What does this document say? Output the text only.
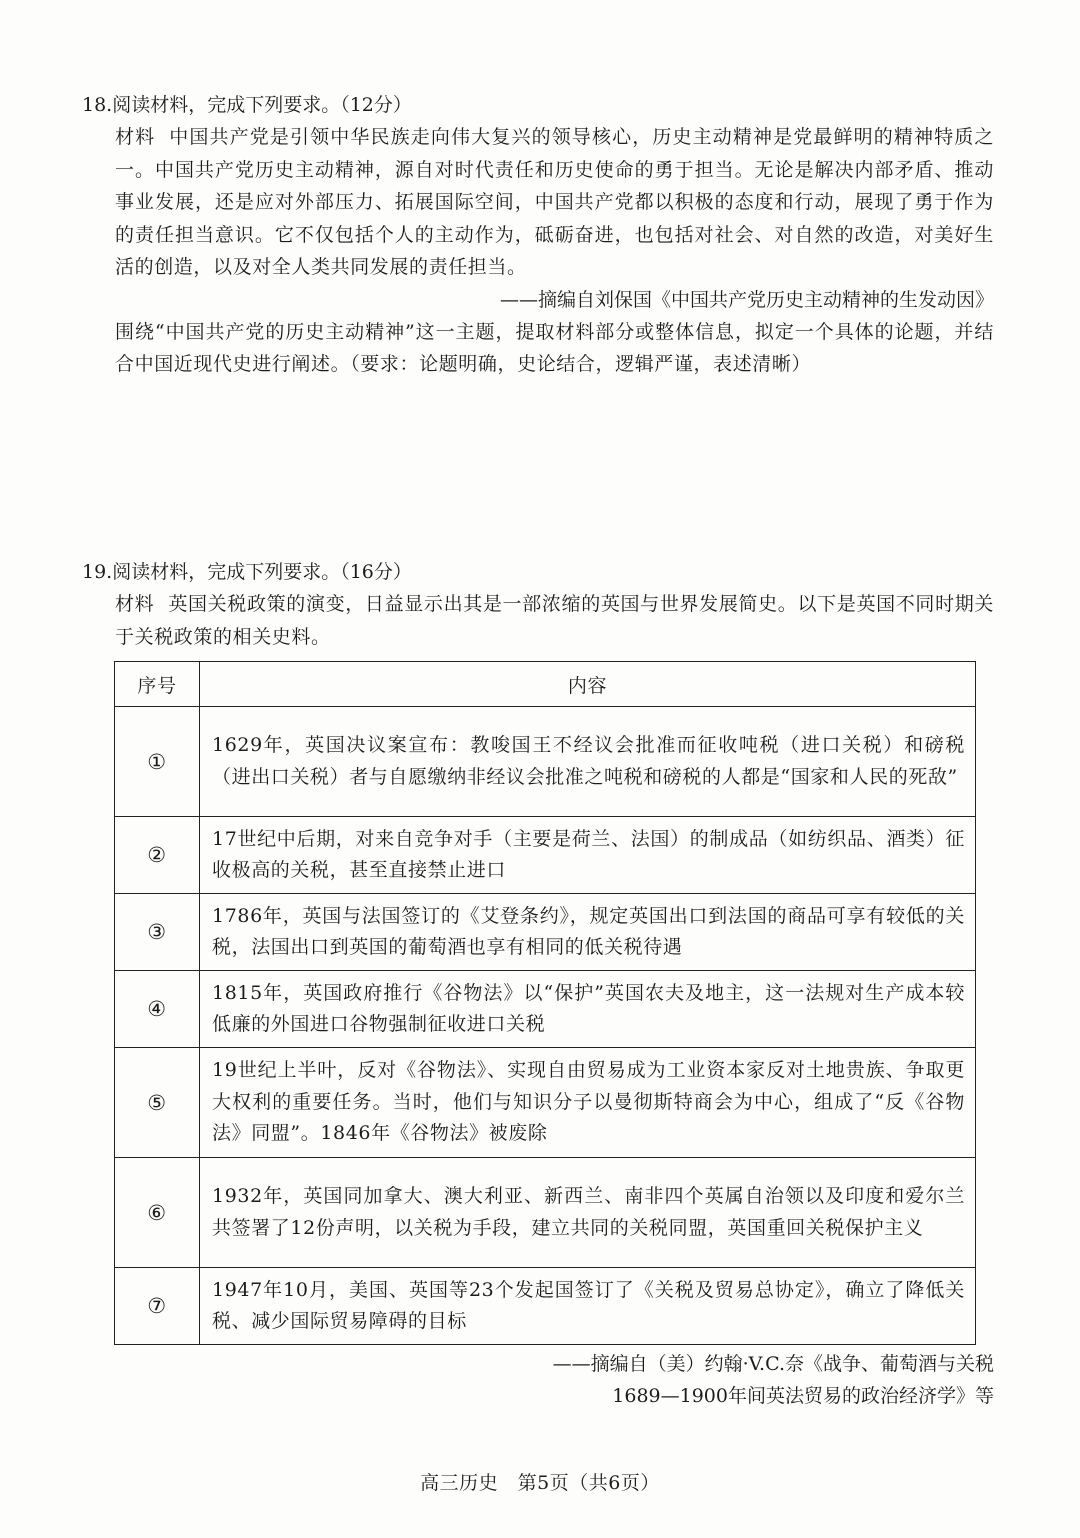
18.阅读材料，完成下列要求。（12分）

材料 中国共产党是引领中华民族走向伟大复兴的领导核心，历史主动精神是党最鲜明的精神特质之一。中国共产党历史主动精神，源自对时代责任和历史使命的勇于担当。无论是解决内部矛盾、推动事业发展，还是应对外部压力、拓展国际空间，中国共产党都以积极的态度和行动，展现了勇于作为的责任担当意识。它不仅包括个人的主动作为，砥砺奋进，也包括对社会、对自然的改造，对美好生活的创造，以及对全人类共同发展的责任担当。

——摘编自刘保国《中国共产党历史主动精神的生发动因》

围绕“中国共产党的历史主动精神”这一主题，提取材料部分或整体信息，拟定一个具体的论题，并结合中国近现代史进行阐述。（要求：论题明确，史论结合，逻辑严谨，表述清晰）

19.阅读材料，完成下列要求。（16分）

材料 英国关税政策的演变，日益显示出其是一部浓缩的英国与世界发展简史。以下是英国不同时期关于关税政策的相关史料。

序号	内容
①	1629年，英国决议案宣布：教唆国王不经议会批准而征收吨税（进口关税）和磅税（进出口关税）者与自愿缴纳非经议会批准之吨税和磅税的人都是“国家和人民的死敌”
②	17世纪中后期，对来自竞争对手（主要是荷兰、法国）的制成品（如纺织品、酒类）征收极高的关税，甚至直接禁止进口
③	1786年，英国与法国签订的《艾登条约》，规定英国出口到法国的商品可享有较低的关税，法国出口到英国的葡萄酒也享有相同的低关税待遇
④	1815年，英国政府推行《谷物法》以“保护”英国农夫及地主，这一法规对生产成本较低廉的外国进口谷物强制征收进口关税
⑤	19世纪上半叶，反对《谷物法》、实现自由贸易成为工业资本家反对土地贵族、争取更大权利的重要任务。当时，他们与知识分子以曼彻斯特商会为中心，组成了“反《谷物法》同盟”。1846年《谷物法》被废除
⑥	1932年，英国同加拿大、澳大利亚、新西兰、南非四个英属自治领以及印度和爱尔兰共签署了12份声明，以关税为手段，建立共同的关税同盟，英国重回关税保护主义
⑦	1947年10月，美国、英国等23个发起国签订了《关税及贸易总协定》，确立了降低关税、减少国际贸易障碍的目标

——摘编自（美）约翰·V.C.奈《战争、葡萄酒与关税

1689—1900年间英法贸易的政治经济学》等

高三历史　第5页（共6页）
